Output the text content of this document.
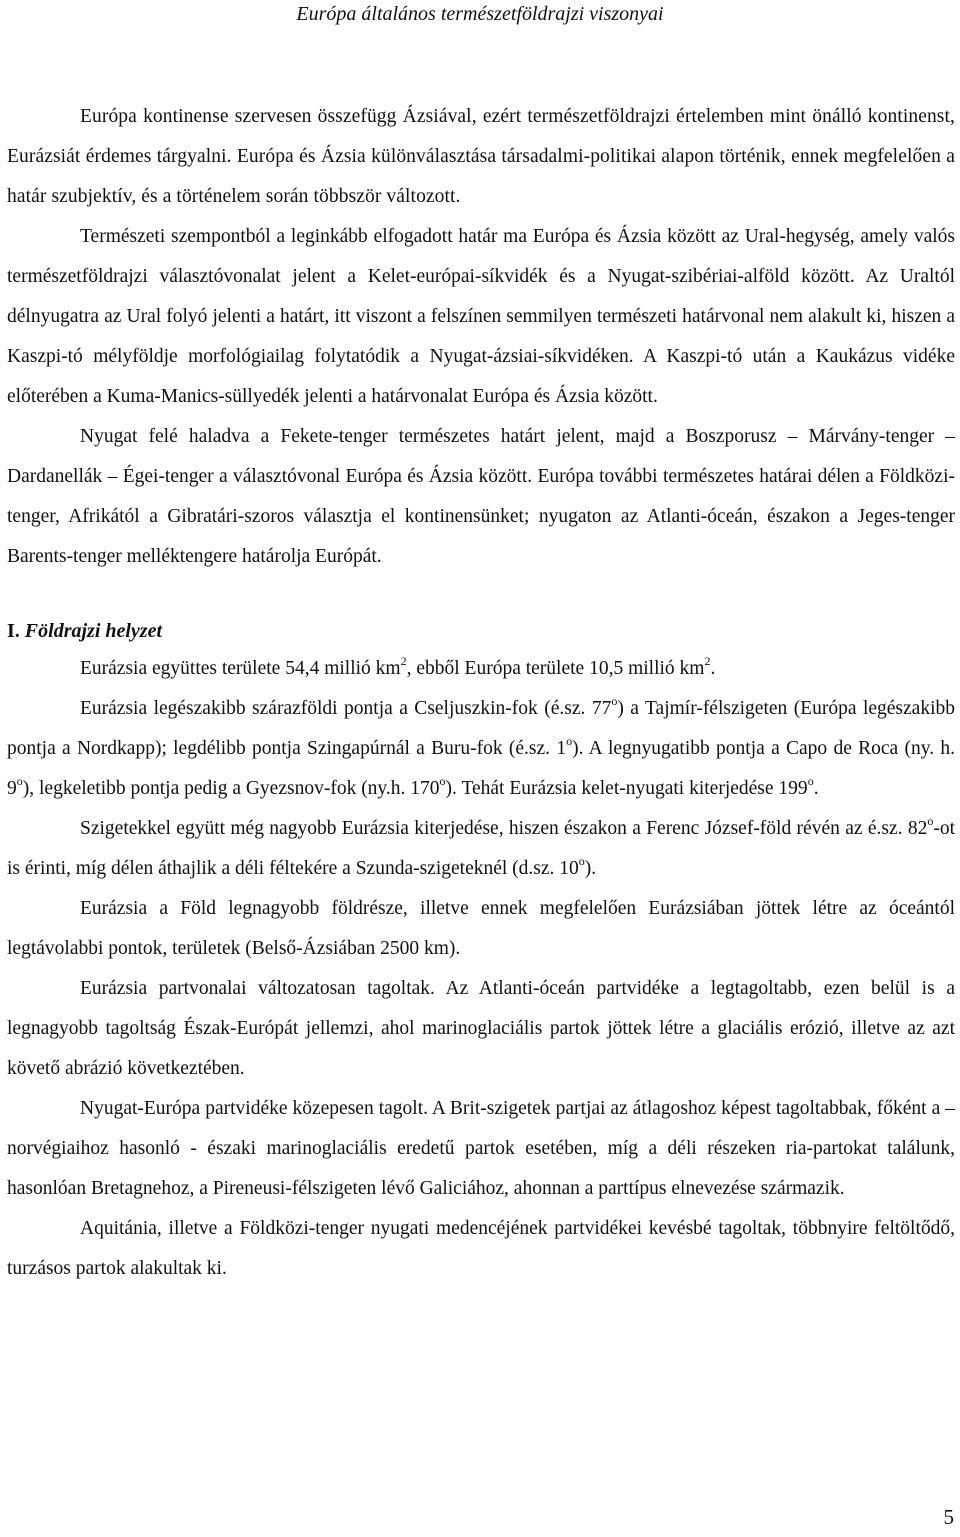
Európa általános természetföldrajzi viszonyai

Európa kontinense szervesen összefügg Ázsiával, ezért természetföldrajzi értelemben mint önálló kontinenst, Eurázsiát érdemes tárgyalni. Európa és Ázsia különválasztása társadalmi-politikai alapon történik, ennek megfelelően a határ szubjektív, és a történelem során többször változott.

Természeti szempontból a leginkább elfogadott határ ma Európa és Ázsia között az Ural-hegység, amely valós természetföldrajzi választóvonalat jelent a Kelet-európai-síkvidék és a Nyugat-szibériai-alföld között. Az Uraltól délnyugatra az Ural folyó jelenti a határt, itt viszont a felszínen semmilyen természeti határvonal nem alakult ki, hiszen a Kaszpi-tó mélyföldje morfológiailag folytatódik a Nyugat-ázsiai-síkvidéken. A Kaszpi-tó után a Kaukázus vidéke előterében a Kuma-Manics-süllyedék jelenti a határvonalat Európa és Ázsia között.

Nyugat felé haladva a Fekete-tenger természetes határt jelent, majd a Boszporusz – Márvány-tenger – Dardanellák – Égei-tenger a választóvonal Európa és Ázsia között. Európa további természetes határai délen a Földközi-tenger, Afrikától a Gibratári-szoros választja el kontinensünket; nyugaton az Atlanti-óceán, északon a Jeges-tenger Barents-tenger melléktengere határolja Európát.

I. Földrajzi helyzet

Eurázsia együttes területe 54,4 millió $km^2$, ebből Európa területe 10,5 millió $km^2$.

Eurázsia legészakibb szárazföldi pontja a Cseljuszkin-fok (é.sz. 77$^o$) a Tajmír-félszigeten (Európa legészakibb pontja a Nordkapp); legdélibb pontja Szingapúrnál a Buru-fok (é.sz. 1$^o$). A legnyugatibb pontja a Capo de Roca (ny. h. 9$^o$), legkeletibb pontja pedig a Gyezsnov-fok (ny.h. 170$^o$). Tehát Eurázsia kelet-nyugati kiterjedése 199$^o$.

Szigetekkel együtt még nagyobb Eurázsia kiterjedése, hiszen északon a Ferenc József-föld révén az é.sz. 82$^o$-ot is érinti, míg délen áthajlik a déli féltekére a Szunda-szigeteknél (d.sz. 10$^o$).

Eurázsia a Föld legnagyobb földrésze, illetve ennek megfelelően Eurázsiában jöttek létre az óceántól legtávolabbi pontok, területek (Belső-Ázsiában 2500 km).

Eurázsia partvonalai változatosan tagoltak. Az Atlanti-óceán partvidéke a legtagoltabb, ezen belül is a legnagyobb tagoltság Észak-Európát jellemzi, ahol marinoglaciális partok jöttek létre a glaciális erózió, illetve az azt követő abrázió következtében.

Nyugat-Európa partvidéke közepesen tagolt. A Brit-szigetek partjai az átlagoshoz képest tagoltabbak, főként a – norvégiaihoz hasonló - északi marinoglaciális eredetű partok esetében, míg a déli részeken ria-partokat találunk, hasonlóan Bretagnehoz, a Pireneusi-félszigeten lévő Galiciához, ahonnan a parttípus elnevezése származik.

Aquitánia, illetve a Földközi-tenger nyugati medencéjének partvidékei kevésbé tagoltak, többnyire feltöltődő, turzásos partok alakultak ki.

5
